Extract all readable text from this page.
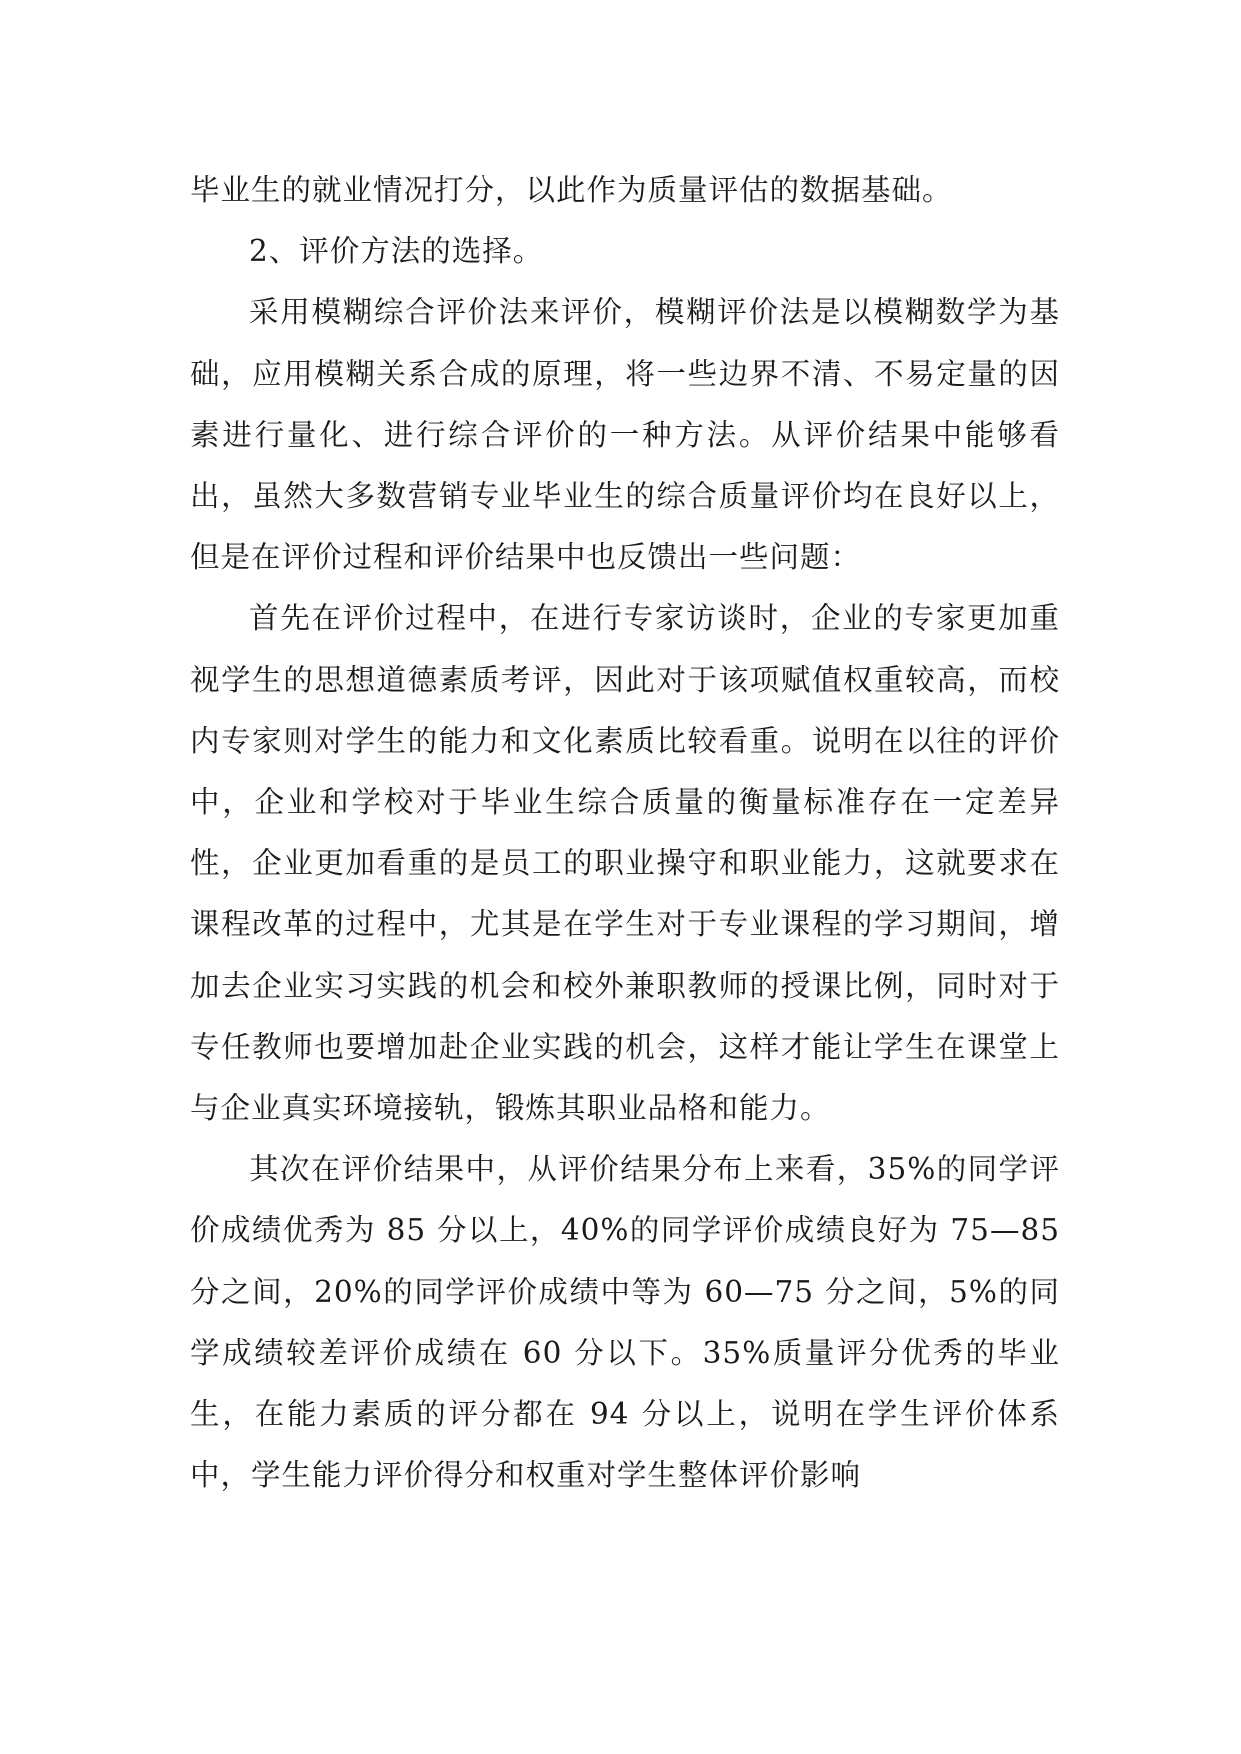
毕业生的就业情况打分，以此作为质量评估的数据基础。

2、评价方法的选择。

采用模糊综合评价法来评价，模糊评价法是以模糊数学为基础，应用模糊关系合成的原理，将一些边界不清、不易定量的因素进行量化、进行综合评价的一种方法。从评价结果中能够看出，虽然大多数营销专业毕业生的综合质量评价均在良好以上，但是在评价过程和评价结果中也反馈出一些问题：

首先在评价过程中，在进行专家访谈时，企业的专家更加重视学生的思想道德素质考评，因此对于该项赋值权重较高，而校内专家则对学生的能力和文化素质比较看重。说明在以往的评价中，企业和学校对于毕业生综合质量的衡量标准存在一定差异性，企业更加看重的是员工的职业操守和职业能力，这就要求在课程改革的过程中，尤其是在学生对于专业课程的学习期间，增加去企业实习实践的机会和校外兼职教师的授课比例，同时对于专任教师也要增加赴企业实践的机会，这样才能让学生在课堂上与企业真实环境接轨，锻炼其职业品格和能力。

其次在评价结果中，从评价结果分布上来看，35%的同学评价成绩优秀为 85 分以上，40%的同学评价成绩良好为 75—85 分之间，20%的同学评价成绩中等为 60—75 分之间，5%的同学成绩较差评价成绩在 60 分以下。35%质量评分优秀的毕业生，在能力素质的评分都在 94 分以上，说明在学生评价体系中，学生能力评价得分和权重对学生整体评价影响
